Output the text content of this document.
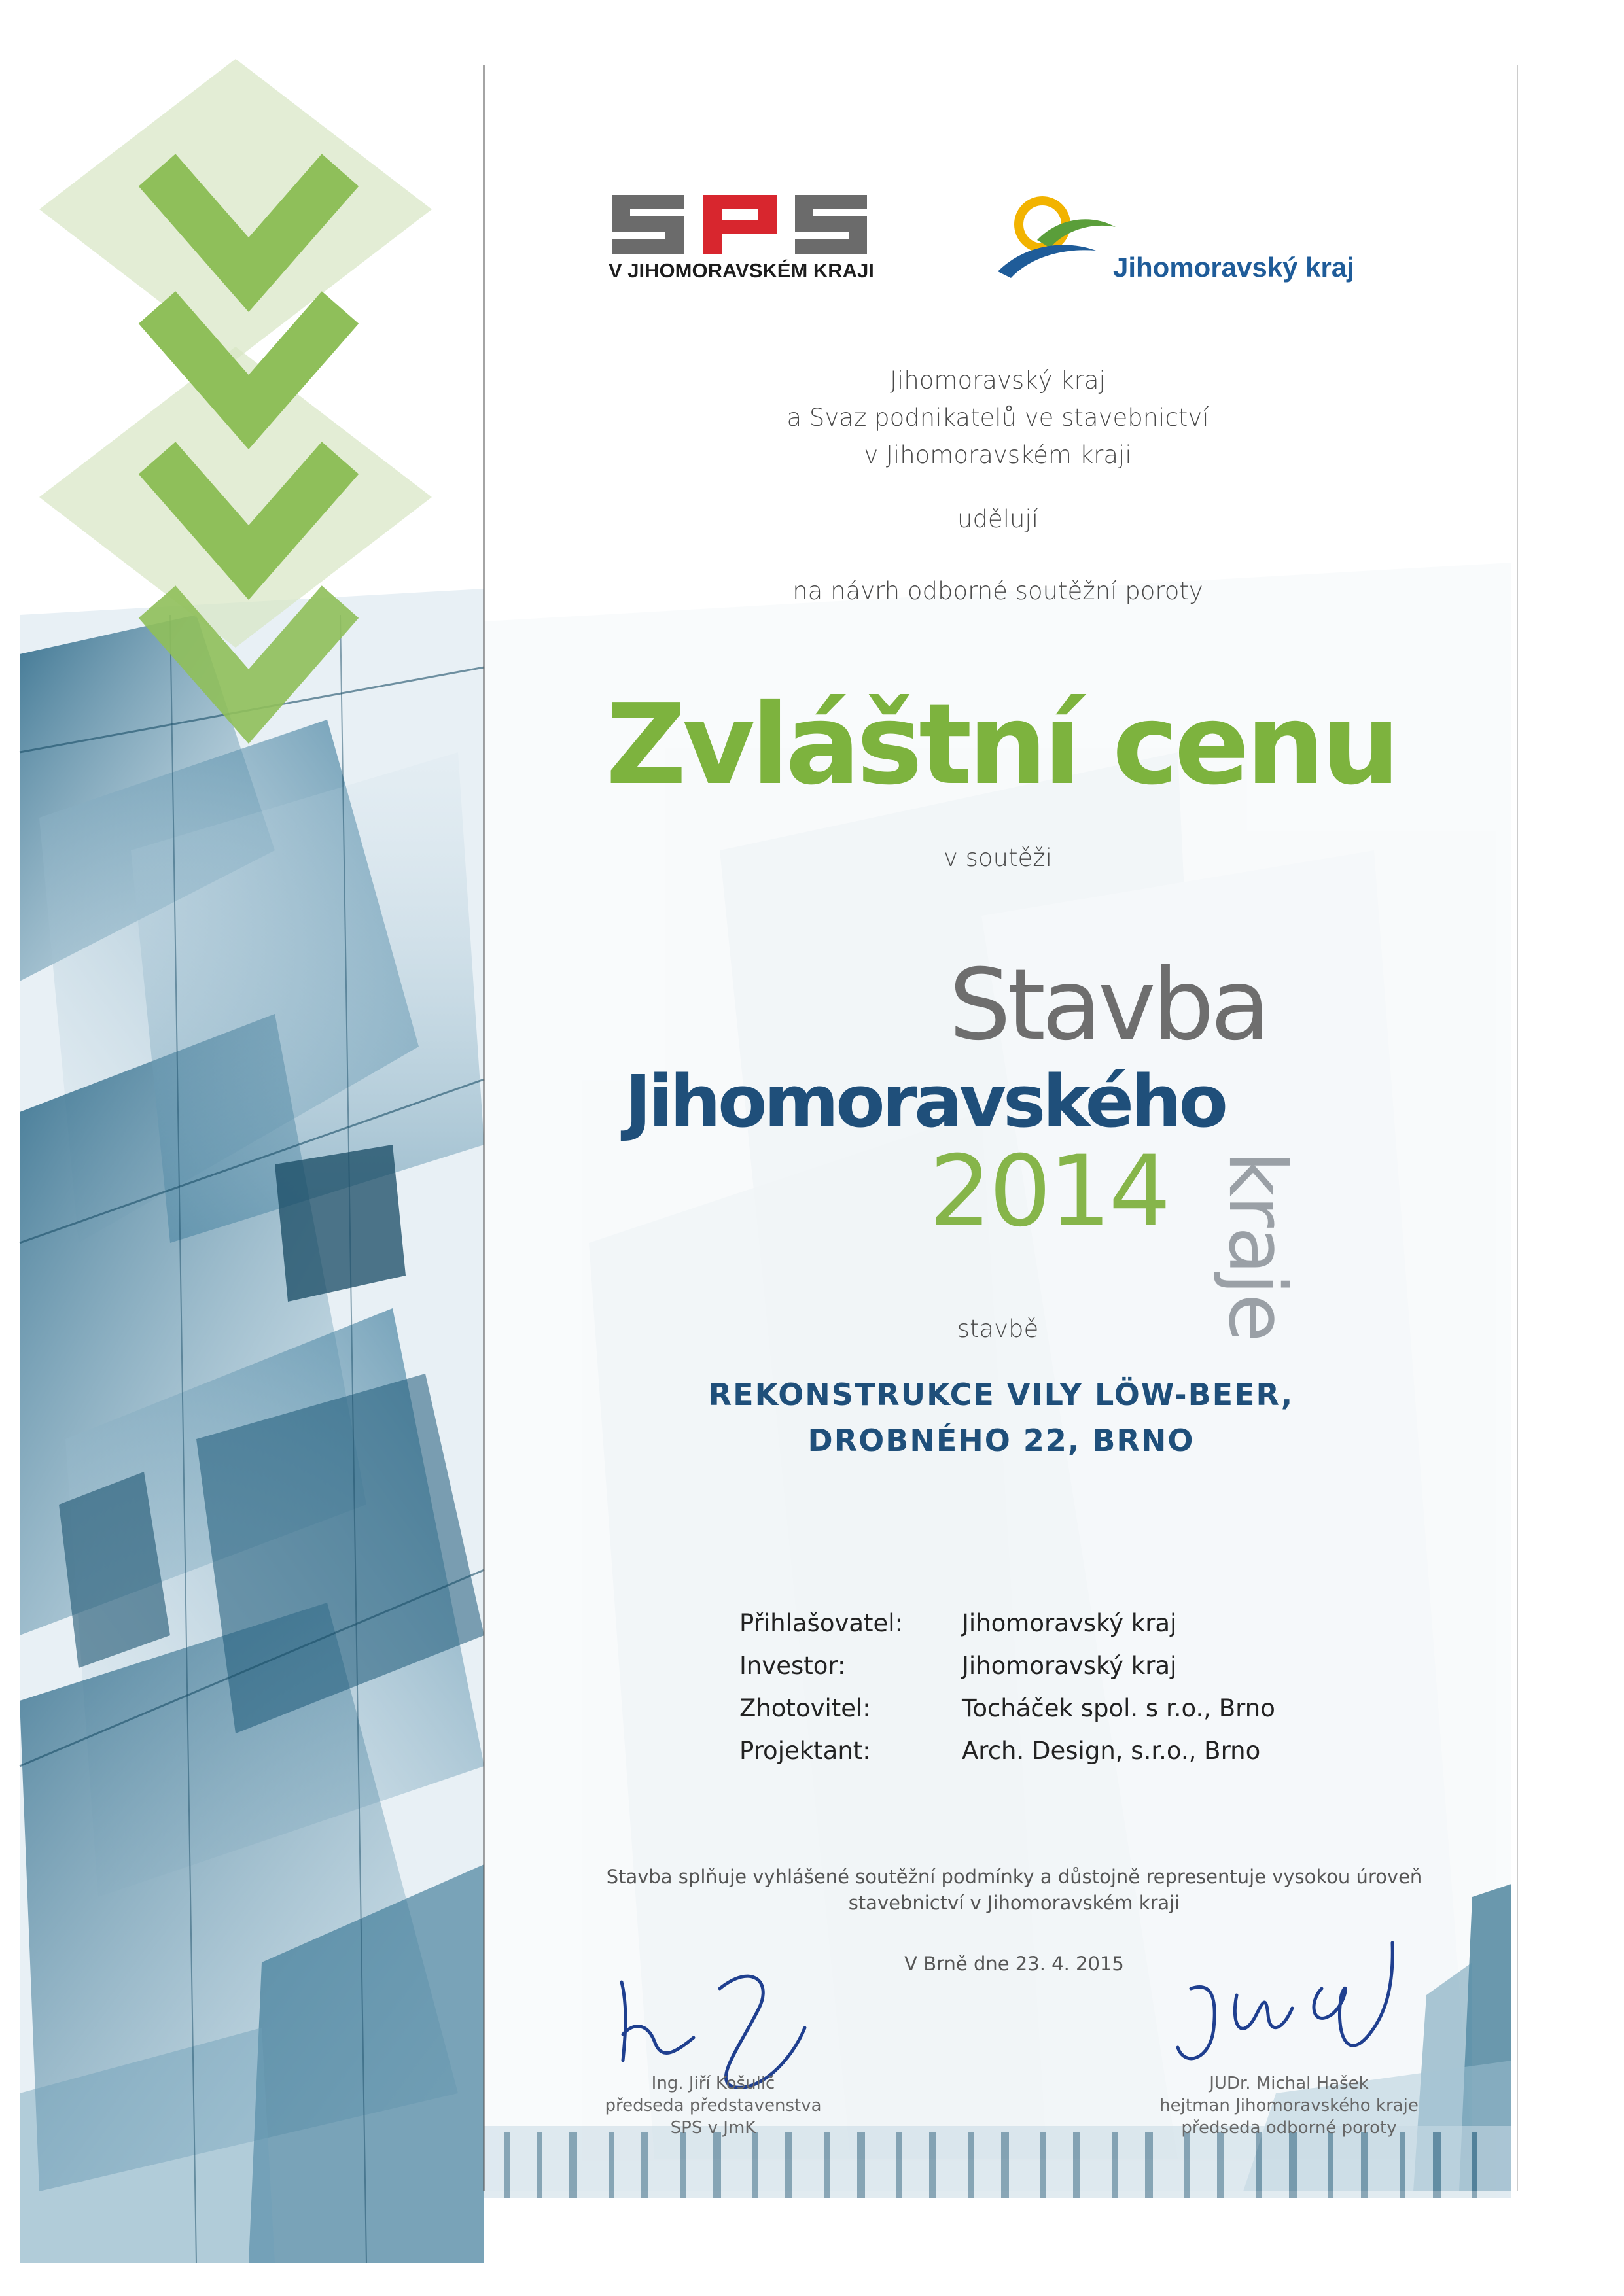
V JIHOMORAVSKÉM KRAJI	Jihomoravský kraj
Jihomoravský kraj
a Svaz podnikatelů ve stavebnictví
v Jihomoravském kraji
udělují
na návrh odborné soutěžní poroty
Zvláštní cenu
v soutěži
Stavba
Jihomoravského
2014 kraje
stavbě
REKONSTRUKCE VILY LÖW-BEER,
DROBNÉHO 22, BRNO
Přihlašovatel: Jihomoravský kraj
Investor:	Jihomoravský kraj
Zhotovitel:	Tocháček spol. s r.o., Brno
Projektant:	Arch. Design, s.r.o., Brno
Stavba splňuje vyhlášené soutěžní podmínky a důstojně representuje vysokou úroveň
stavebnictví v Jihomoravském kraji
V Brně dne 23. 4. 2015
Ing. Jiří Košulič
předseda představenstva
SPS v JmK
JUDr. Michal Hašek
hejtman Jihomoravského kraje
předseda odborné poroty
